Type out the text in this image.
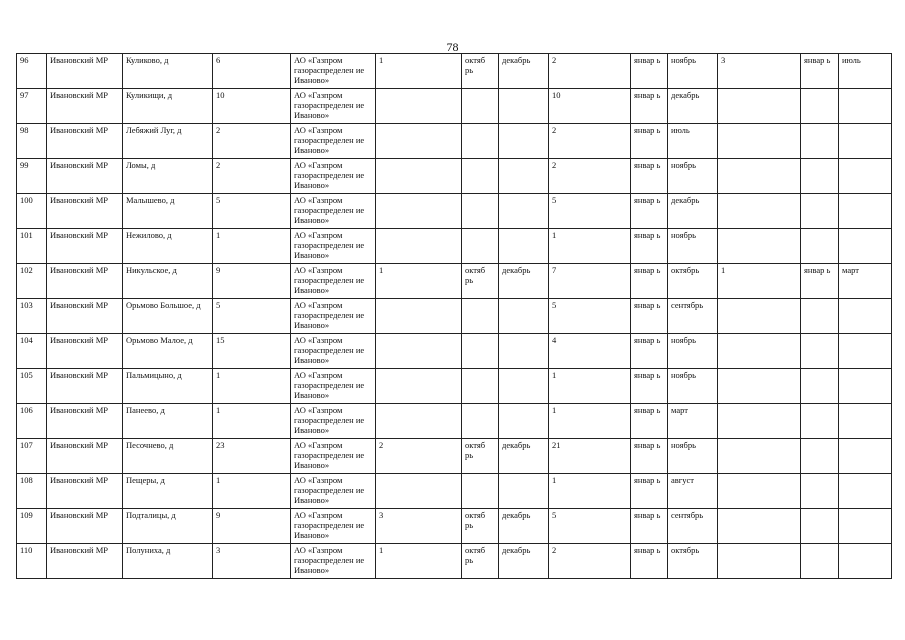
78
96	Ивановский МР	Куликово, д	6	АО «Газпром газораспределен ие Иваново»	1	октяб рь	декабрь	2	январ ь	ноябрь	3	январ ь	июль
97	Ивановский МР	Куликищи, д	10	АО «Газпром газораспределен ие Иваново»				10	январ ь	декабрь			
98	Ивановский МР	Лебяжий Луг, д	2	АО «Газпром газораспределен ие Иваново»				2	январ ь	июль			
99	Ивановский МР	Ломы, д	2	АО «Газпром газораспределен ие Иваново»				2	январ ь	ноябрь			
100	Ивановский МР	Малышево, д	5	АО «Газпром газораспределен ие Иваново»				5	январ ь	декабрь			
101	Ивановский МР	Нежилово, д	1	АО «Газпром газораспределен ие Иваново»				1	январ ь	ноябрь			
102	Ивановский МР	Никульское, д	9	АО «Газпром газораспределен ие Иваново»	1	октяб рь	декабрь	7	январ ь	октябрь	1	январ ь	март
103	Ивановский МР	Орьмово Большое, д	5	АО «Газпром газораспределен ие Иваново»				5	январ ь	сентябрь			
104	Ивановский МР	Орьмово Малое, д	15	АО «Газпром газораспределен ие Иваново»				4	январ ь	ноябрь			
105	Ивановский МР	Пальмицыно, д	1	АО «Газпром газораспределен ие Иваново»				1	январ ь	ноябрь			
106	Ивановский МР	Панеево, д	1	АО «Газпром газораспределен ие Иваново»				1	январ ь	март			
107	Ивановский МР	Песочнево, д	23	АО «Газпром газораспределен ие Иваново»	2	октяб рь	декабрь	21	январ ь	ноябрь			
108	Ивановский МР	Пещеры, д	1	АО «Газпром газораспределен ие Иваново»				1	январ ь	август			
109	Ивановский МР	Подталицы, д	9	АО «Газпром газораспределен ие Иваново»	3	октяб рь	декабрь	5	январ ь	сентябрь			
110	Ивановский МР	Полуниха, д	3	АО «Газпром газораспределен ие Иваново»	1	октяб рь	декабрь	2	январ ь	октябрь			
